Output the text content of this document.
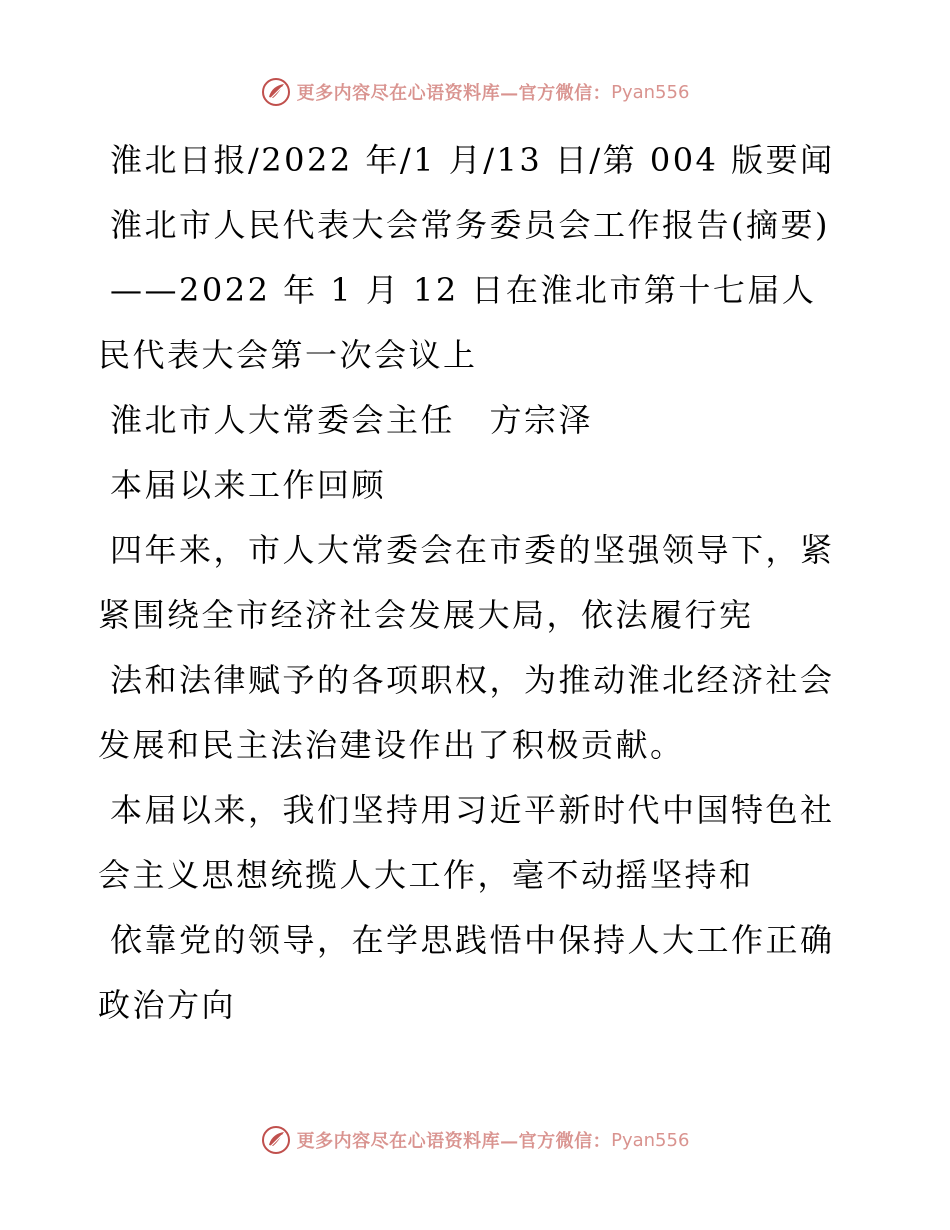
更多内容尽在心语资料库—官方微信： Pyan556

淮北日报/2022 年/1 月/13 日/第 004 版要闻

淮北市人民代表大会常务委员会工作报告(摘要)

——2022 年 1 月 12 日在淮北市第十七届人民代表大会第一次会议上

淮北市人大常委会主任　方宗泽

本届以来工作回顾

四年来，市人大常委会在市委的坚强领导下，紧紧围绕全市经济社会发展大局，依法履行宪

法和法律赋予的各项职权，为推动淮北经济社会发展和民主法治建设作出了积极贡献。

本届以来，我们坚持用习近平新时代中国特色社会主义思想统揽人大工作，毫不动摇坚持和

依靠党的领导，在学思践悟中保持人大工作正确政治方向

更多内容尽在心语资料库—官方微信： Pyan556
